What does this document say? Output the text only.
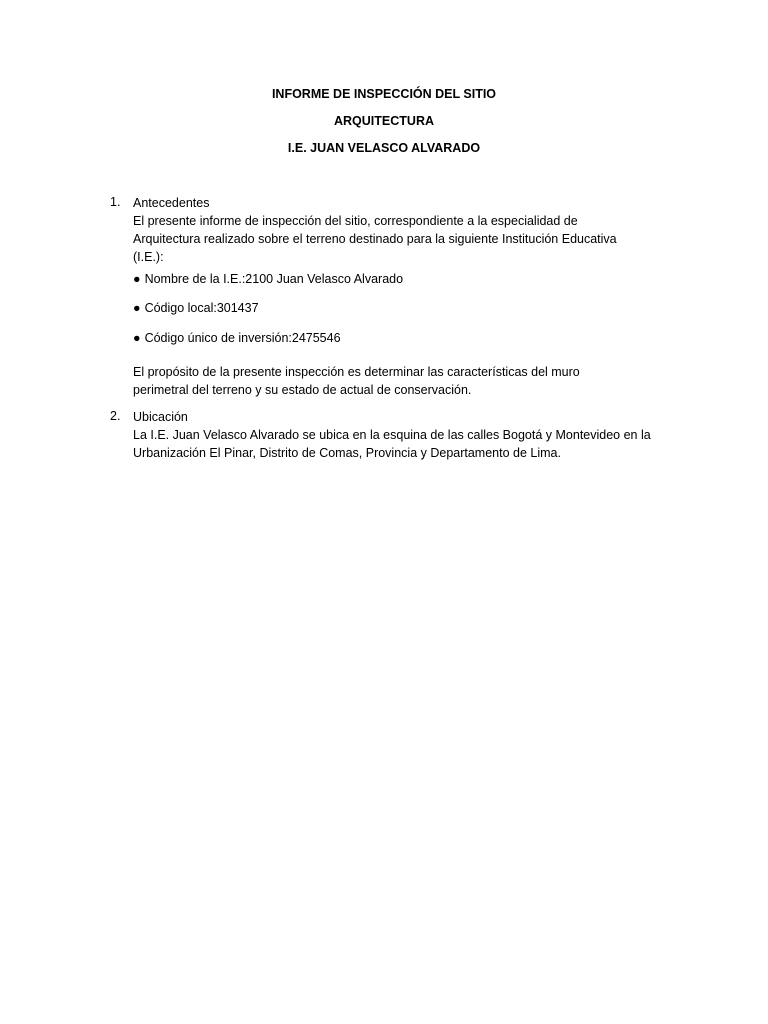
INFORME DE INSPECCIÓN DEL SITIO
ARQUITECTURA
I.E. JUAN VELASCO ALVARADO
1. Antecedentes
El presente informe de inspección del sitio, correspondiente a la especialidad de
Arquitectura realizado sobre el terreno destinado para la siguiente Institución Educativa
(I.E.):
● Nombre de la I.E.:2100 Juan Velasco Alvarado
● Código local:301437
● Código único de inversión:2475546
El propósito de la presente inspección es determinar las características del muro
perimetral del terreno y su estado de actual de conservación.
2. Ubicación
La I.E. Juan Velasco Alvarado se ubica en la esquina de las calles Bogotá y Montevideo en la
Urbanización El Pinar, Distrito de Comas, Provincia y Departamento de Lima.
